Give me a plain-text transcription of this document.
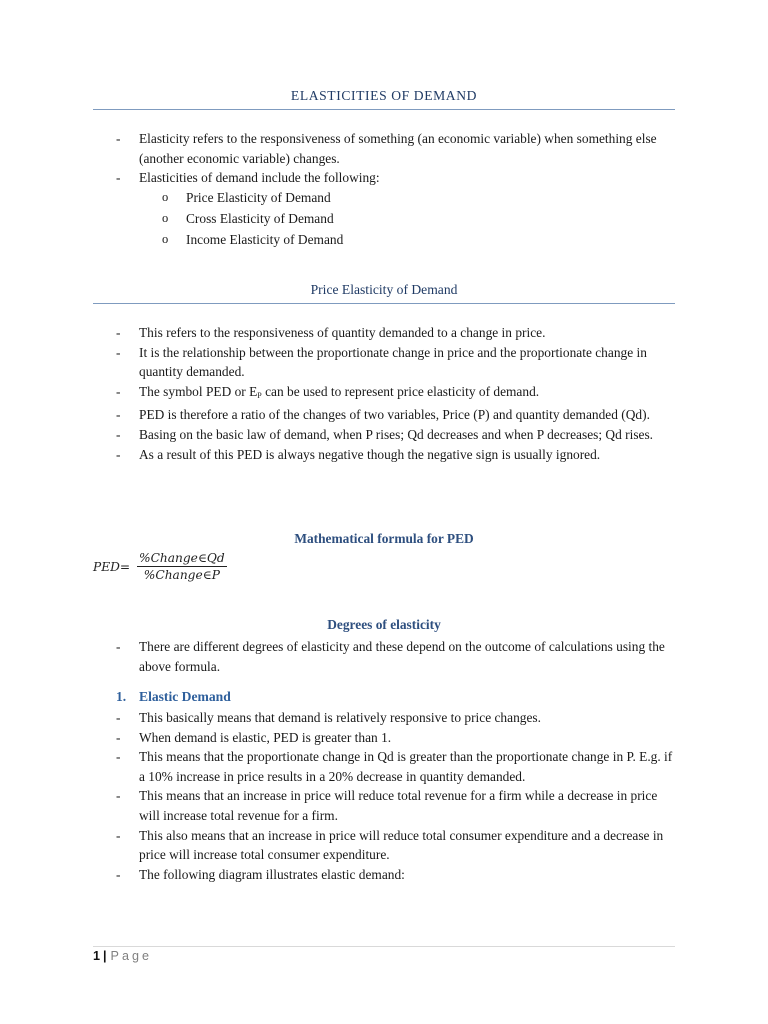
ELASTICITIES OF DEMAND
- Elasticity refers to the responsiveness of something (an economic variable) when something else (another economic variable) changes.
- Elasticities of demand include the following:
o Price Elasticity of Demand
o Cross Elasticity of Demand
o Income Elasticity of Demand
Price Elasticity of Demand
- This refers to the responsiveness of quantity demanded to a change in price.
- It is the relationship between the proportionate change in price and the proportionate change in quantity demanded.
- The symbol PED or $E_P$ can be used to represent price elasticity of demand.
- PED is therefore a ratio of the changes of two variables, Price (P) and quantity demanded (Qd).
- Basing on the basic law of demand, when P rises; Qd decreases and when P decreases; Qd rises.
- As a result of this PED is always negative though the negative sign is usually ignored.
Mathematical formula for PED
PED=
%Change∈Qd
%Change∈P
Degrees of elasticity
- There are different degrees of elasticity and these depend on the outcome of calculations using the above formula.
1. Elastic Demand
- This basically means that demand is relatively responsive to price changes.
- When demand is elastic, PED is greater than 1.
- This means that the proportionate change in Qd is greater than the proportionate change in P. E.g. if a 10% increase in price results in a 20% decrease in quantity demanded.
- This means that an increase in price will reduce total revenue for a firm while a decrease in price will increase total revenue for a firm.
- This also means that an increase in price will reduce total consumer expenditure and a decrease in price will increase total consumer expenditure.
- The following diagram illustrates elastic demand:
1 | Page
